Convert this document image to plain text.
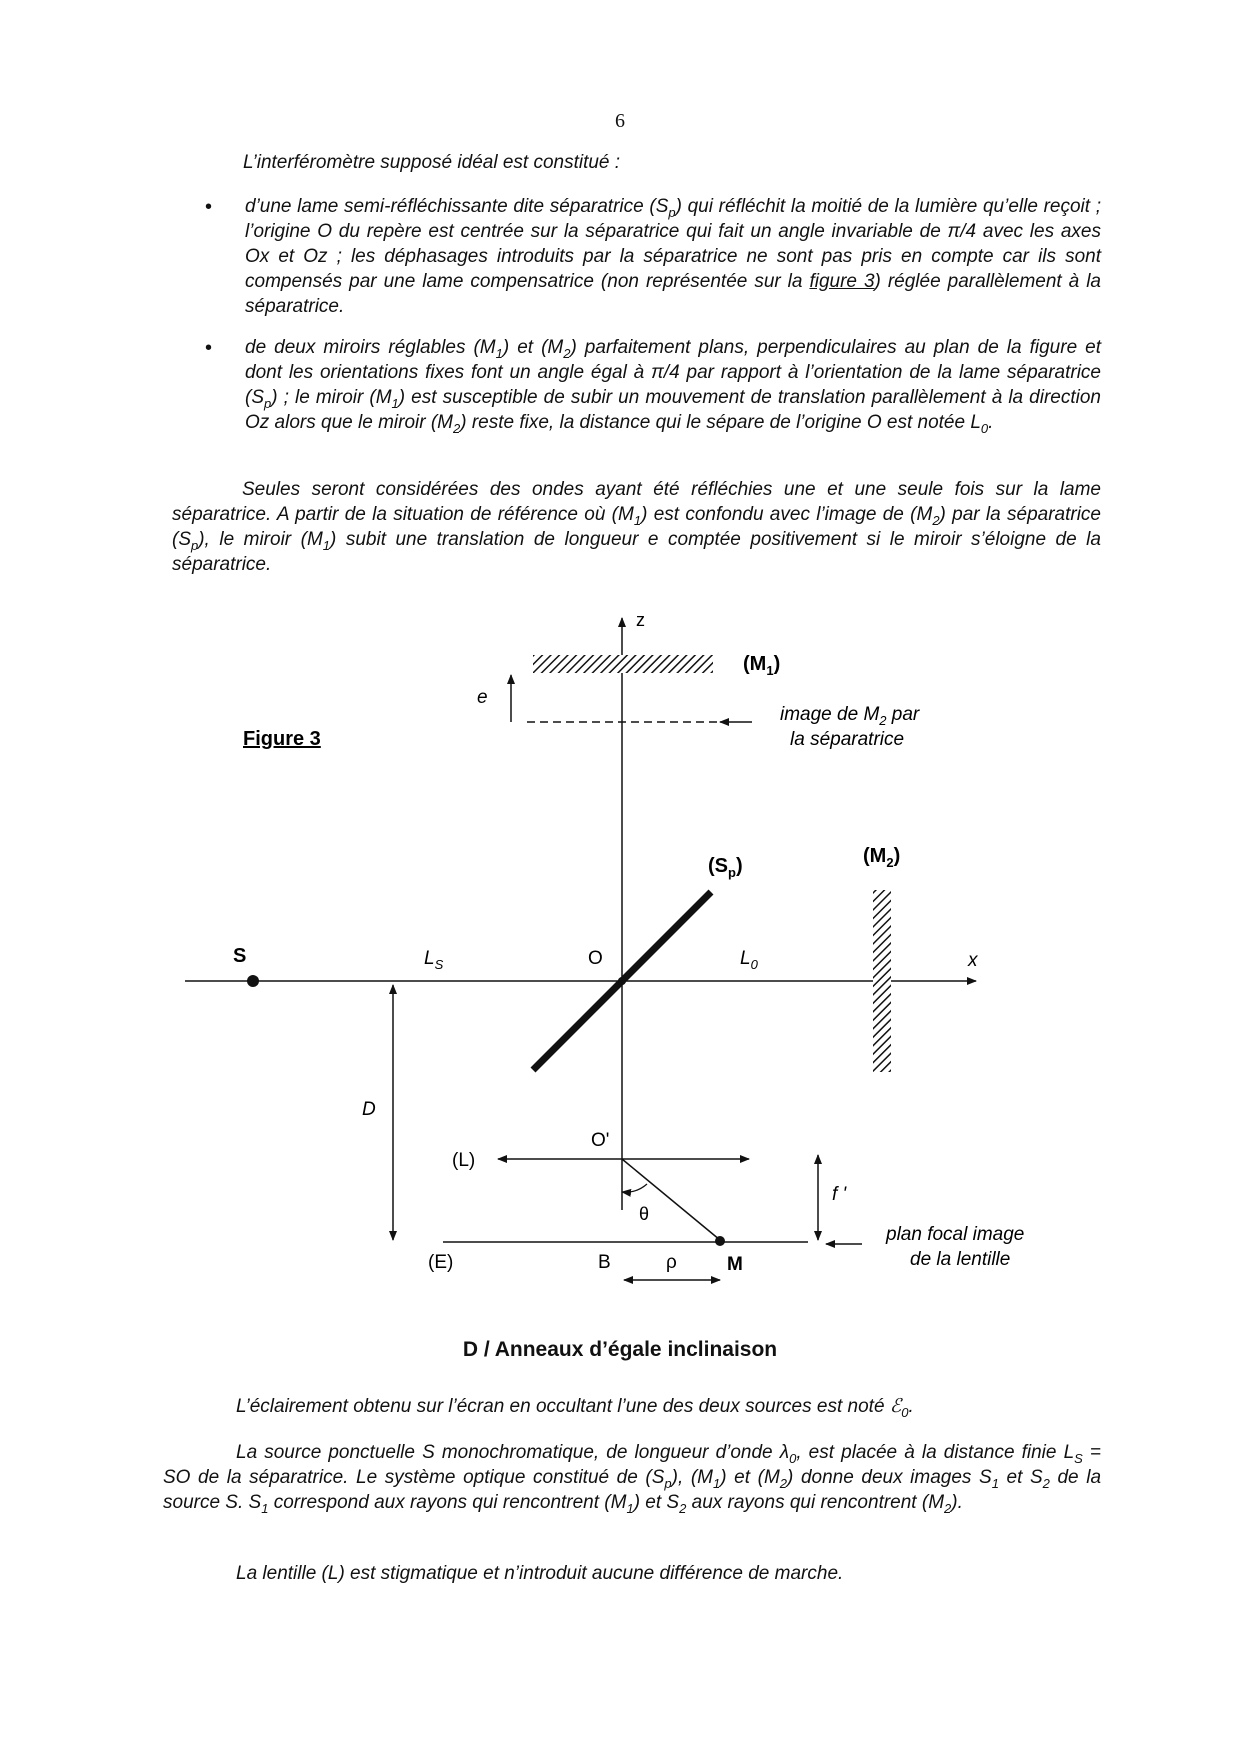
6
L’interféromètre supposé idéal est constitué :
• d’une lame semi-réfléchissante dite séparatrice $(S_p)$ qui réfléchit la moitié de la lumière qu’elle reçoit ; l’origine O du repère est centrée sur la séparatrice qui fait un angle invariable de π/4 avec les axes Ox et Oz ; les déphasages introduits par la séparatrice ne sont pas pris en compte car ils sont compensés par une lame compensatrice (non représentée sur la figure 3) réglée parallèlement à la séparatrice.
• de deux miroirs réglables $(M_1)$ et $(M_2)$ parfaitement plans, perpendiculaires au plan de la figure et dont les orientations fixes font un angle égal à π/4 par rapport à l’orientation de la lame séparatrice $(S_p)$ ; le miroir $(M_1)$ est susceptible de subir un mouvement de translation parallèlement à la direction Oz alors que le miroir $(M_2)$ reste fixe, la distance qui le sépare de l’origine O est notée $L_0$.
Seules seront considérées des ondes ayant été réfléchies une et une seule fois sur la lame séparatrice. A partir de la situation de référence où $(M_1)$ est confondu avec l’image de $(M_2)$ par la séparatrice $(S_p)$, le miroir $(M_1)$ subit une translation de longueur e comptée positivement si le miroir s’éloigne de la séparatrice.
Figure 3
z
x
$(M_1)$
e
image de $M_2$ par
la séparatrice
$(S_p)$	$(M_2)$
S	$L_S$	O	$L_0$
D
(L)
O'
θ
f '
(E)	B	M
ρ
plan focal image
de la lentille
D / Anneaux d’égale inclinaison
L’éclairement obtenu sur l’écran en occultant l’une des deux sources est noté ℰ$_0$.
La source ponctuelle S monochromatique, de longueur d’onde $\lambda_0$, est placée à la distance finie $L_S$ = SO de la séparatrice. Le système optique constitué de $(S_p)$, $(M_1)$ et $(M_2)$ donne deux images $S_1$ et $S_2$ de la source S. $S_1$ correspond aux rayons qui rencontrent $(M_1)$ et $S_2$ aux rayons qui rencontrent $(M_2)$.
La lentille (L) est stigmatique et n’introduit aucune différence de marche.
